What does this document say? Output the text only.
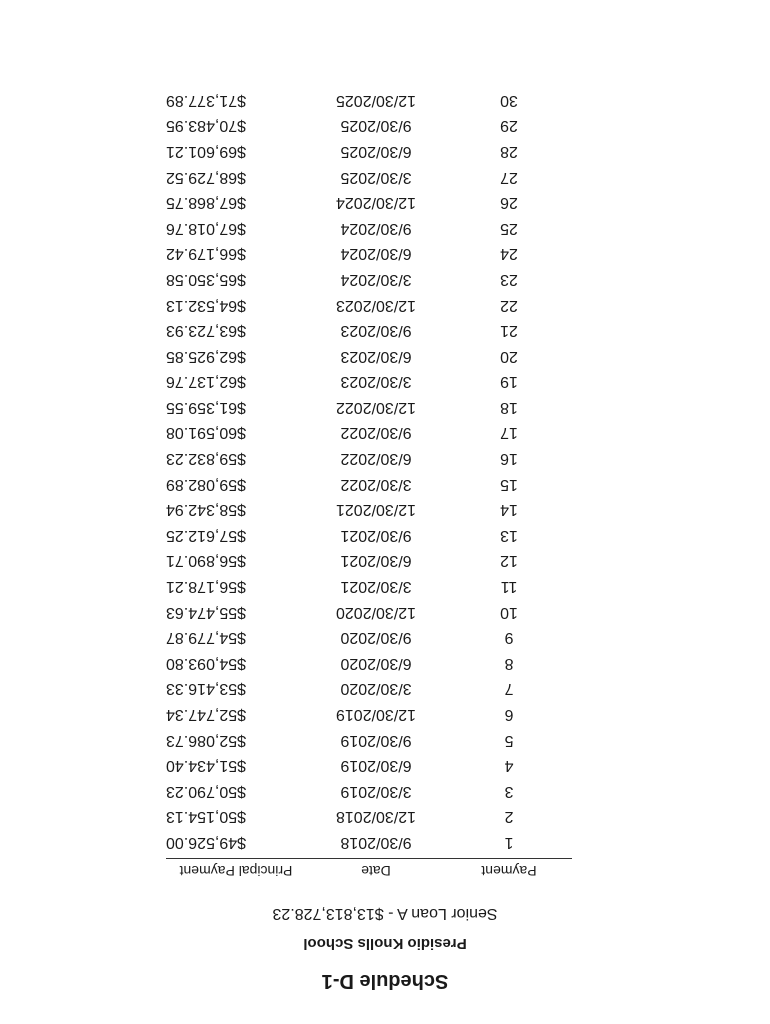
Schedule D-1
Presidio Knolls School
Senior Loan A - $13,813,728.23
Payment
Date
Principal Payment
1
9/30/2018
$49,526.00
2
12/30/2018
$50,154.13
3
3/30/2019
$50,790.23
4
6/30/2019
$51,434.40
5
9/30/2019
$52,086.73
6
12/30/2019
$52,747.34
7
3/30/2020
$53,416.33
8
6/30/2020
$54,093.80
9
9/30/2020
$54,779.87
10
12/30/2020
$55,474.63
11
3/30/2021
$56,178.21
12
6/30/2021
$56,890.71
13
9/30/2021
$57,612.25
14
12/30/2021
$58,342.94
15
3/30/2022
$59,082.89
16
6/30/2022
$59,832.23
17
9/30/2022
$60,591.08
18
12/30/2022
$61,359.55
19
3/30/2023
$62,137.76
20
6/30/2023
$62,925.85
21
9/30/2023
$63,723.93
22
12/30/2023
$64,532.13
23
3/30/2024
$65,350.58
24
6/30/2024
$66,179.42
25
9/30/2024
$67,018.76
26
12/30/2024
$67,868.75
27
3/30/2025
$68,729.52
28
6/30/2025
$69,601.21
29
9/30/2025
$70,483.95
30
12/30/2025
$71,377.89
